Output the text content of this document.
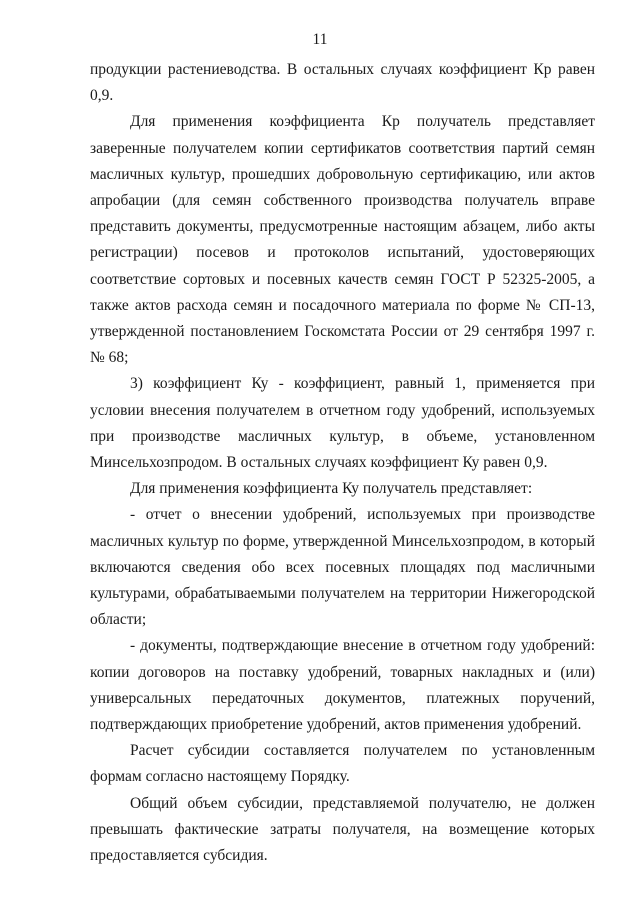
11

продукции растениеводства. В остальных случаях коэффициент Кр равен 0,9.

Для применения коэффициента Кр получатель представляет заверенные получателем копии сертификатов соответствия партий семян масличных культур, прошедших добровольную сертификацию, или актов апробации (для семян собственного производства получатель вправе представить документы, предусмотренные настоящим абзацем, либо акты регистрации) посевов и протоколов испытаний, удостоверяющих соответствие сортовых и посевных качеств семян ГОСТ Р 52325-2005, а также актов расхода семян и посадочного материала по форме № СП-13, утвержденной постановлением Госкомстата России от 29 сентября 1997 г. № 68;

3) коэффициент Ку - коэффициент, равный 1, применяется при условии внесения получателем в отчетном году удобрений, используемых при производстве масличных культур, в объеме, установленном Минсельхозпродом. В остальных случаях коэффициент Ку равен 0,9.

Для применения коэффициента Ку получатель представляет:

- отчет о внесении удобрений, используемых при производстве масличных культур по форме, утвержденной Минсельхозпродом, в который включаются сведения обо всех посевных площадях под масличными культурами, обрабатываемыми получателем на территории Нижегородской области;

- документы, подтверждающие внесение в отчетном году удобрений: копии договоров на поставку удобрений, товарных накладных и (или) универсальных передаточных документов, платежных поручений, подтверждающих приобретение удобрений, актов применения удобрений.

Расчет субсидии составляется получателем по установленным формам согласно настоящему Порядку.

Общий объем субсидии, представляемой получателю, не должен превышать фактические затраты получателя, на возмещение которых предоставляется субсидия.
